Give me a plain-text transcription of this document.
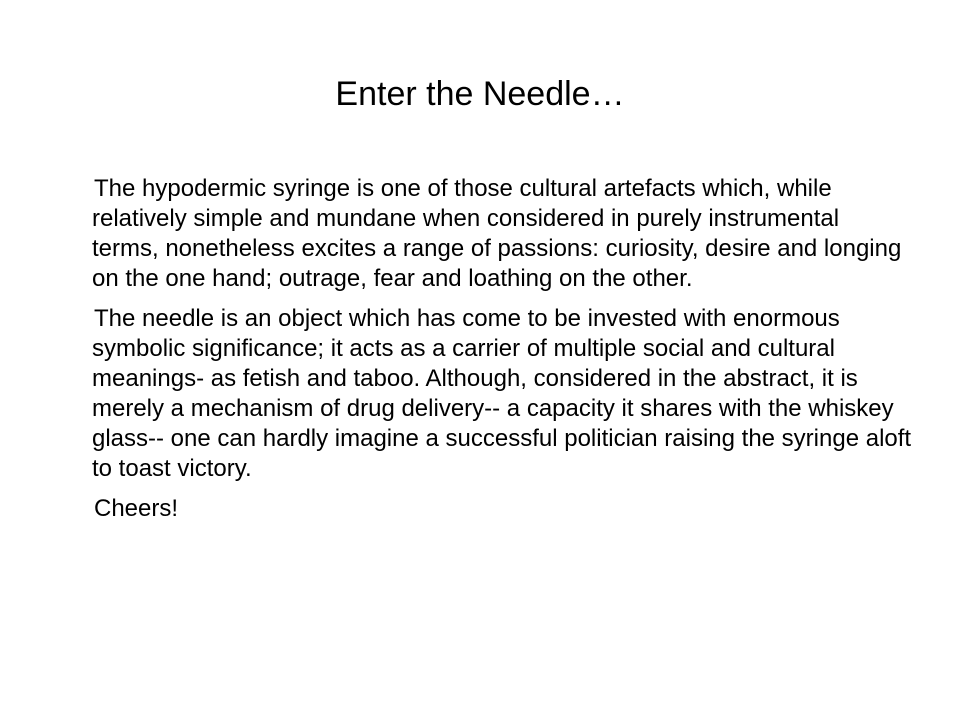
Enter the Needle…

The hypodermic syringe is one of those cultural artefacts which, while relatively simple and mundane when considered in purely instrumental terms, nonetheless excites a range of passions: curiosity, desire and longing on the one hand; outrage, fear and loathing on the other.

The needle is an object which has come to be invested with enormous symbolic significance; it acts as a carrier of multiple social and cultural meanings- as fetish and taboo. Although, considered in the abstract, it is merely a mechanism of drug delivery-- a capacity it shares with the whiskey glass-- one can hardly imagine a successful politician raising the syringe aloft to toast victory.

Cheers!
